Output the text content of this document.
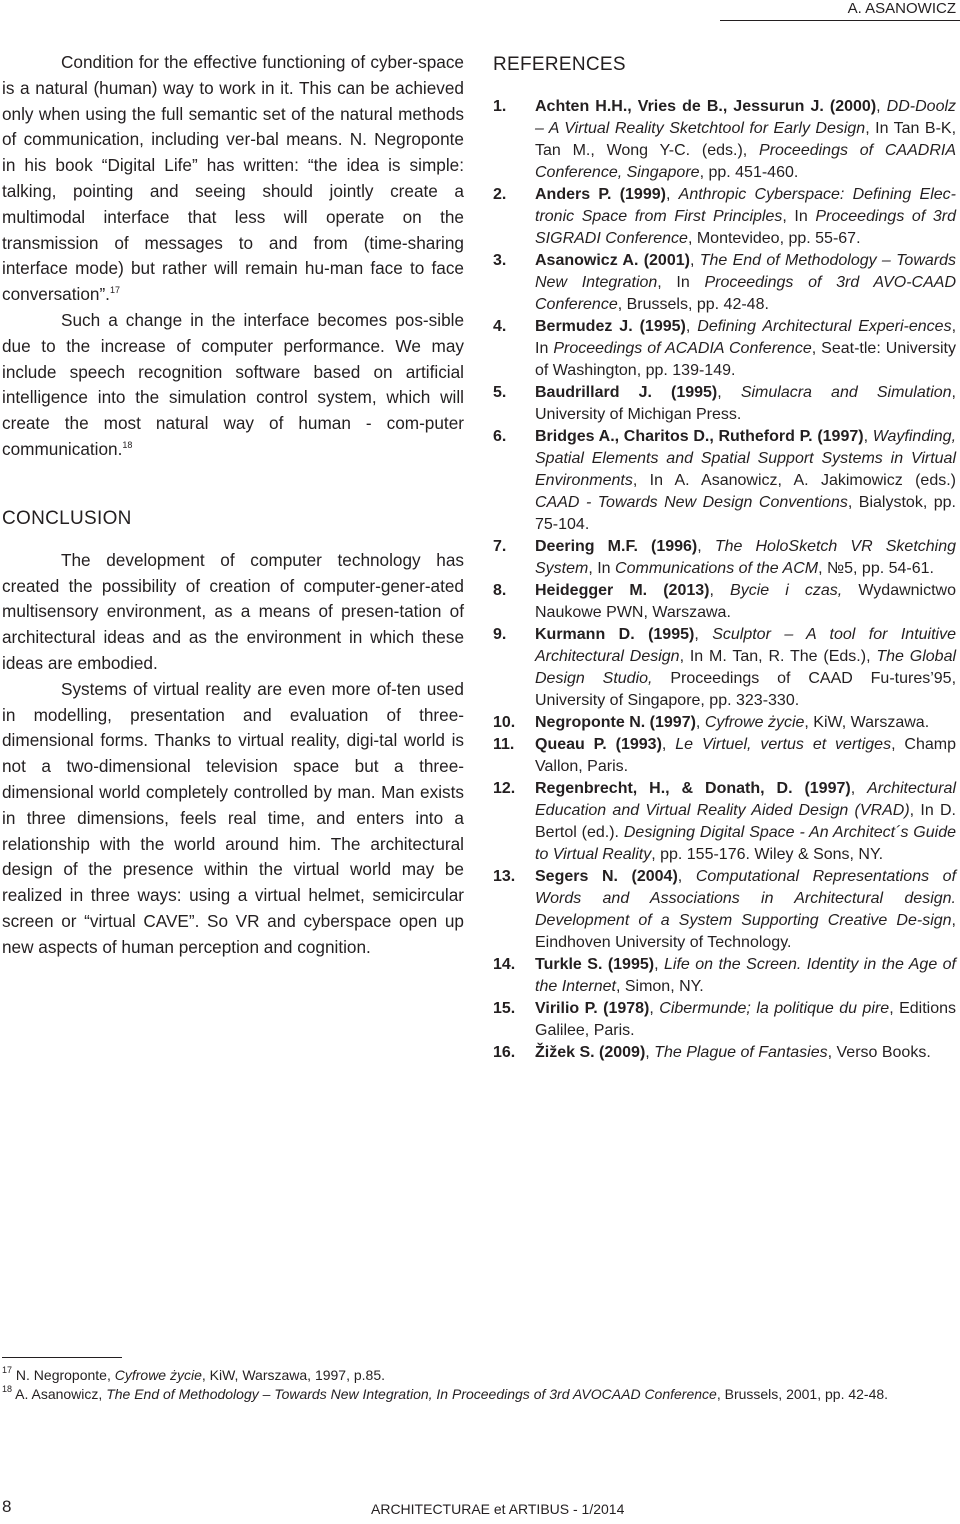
A. ASANOWICZ

Condition for the effective functioning of cyber-space is a natural (human) way to work in it. This can be achieved only when using the full semantic set of the natural methods of communication, including ver-bal means. N. Negroponte in his book “Digital Life” has written: “the idea is simple: talking, pointing and seeing should jointly create a multimodal interface that less will operate on the transmission of messages to and from (time-sharing interface mode) but rather will remain hu-man face to face conversation”.$^{17}$

Such a change in the interface becomes pos-sible due to the increase of computer performance. We may include speech recognition software based on artificial intelligence into the simulation control system, which will create the most natural way of human - com-puter communication.$^{18}$

CONCLUSION

The development of computer technology has created the possibility of creation of computer-gener-ated multisensory environment, as a means of presen-tation of architectural ideas and as the environment in which these ideas are embodied.

Systems of virtual reality are even more of-ten used in modelling, presentation and evaluation of three-dimensional forms. Thanks to virtual reality, digi-tal world is not a two-dimensional television space but a three-dimensional world completely controlled by man. Man exists in three dimensions, feels real time, and enters into a relationship with the world around him. The architectural design of the presence within the virtual world may be realized in three ways: using a virtual helmet, semicircular screen or “virtual CAVE”. So VR and cyberspace open up new aspects of human perception and cognition.

REFERENCES
1. Achten H.H., Vries de B., Jessurun J. (2000), DD-Doolz – A Virtual Reality Sketchtool for Early Design, In Tan B-K, Tan M., Wong Y-C. (eds.), Proceedings of CAADRIA Conference, Singapore, pp. 451-460.
2. Anders P. (1999), Anthropic Cyberspace: Defining Elec-tronic Space from First Principles, In Proceedings of 3rd SIGRADI Conference, Montevideo, pp. 55-67.
3. Asanowicz A. (2001), The End of Methodology – Towards New Integration, In Proceedings of 3rd AVO-CAAD Conference, Brussels, pp. 42-48.
4. Bermudez J. (1995), Defining Architectural Experi-ences, In Proceedings of ACADIA Conference, Seat-tle: University of Washington, pp. 139-149.
5. Baudrillard J. (1995), Simulacra and Simulation, University of Michigan Press.
6. Bridges A., Charitos D., Rutheford P. (1997), Wayfinding, Spatial Elements and Spatial Support Systems in Virtual Environments, In A. Asanowicz, A. Jakimowicz (eds.) CAAD - Towards New Design Conventions, Bialystok, pp. 75-104.
7. Deering M.F. (1996), The HoloSketch VR Sketching System, In Communications of the ACM, №5, pp. 54-61.
8. Heidegger M. (2013), Bycie i czas, Wydawnictwo Naukowe PWN, Warszawa.
9. Kurmann D. (1995), Sculptor – A tool for Intuitive Architectural Design, In M. Tan, R. The (Eds.), The Global Design Studio, Proceedings of CAAD Fu-tures’95, University of Singapore, pp. 323-330.
10. Negroponte N. (1997), Cyfrowe życie, KiW, Warszawa.
11. Queau P. (1993), Le Virtuel, vertus et vertiges, Champ Vallon, Paris.
12. Regenbrecht, H., & Donath, D. (1997), Architectural Education and Virtual Reality Aided Design (VRAD), In D. Bertol (ed.). Designing Digital Space - An Architect´s Guide to Virtual Reality, pp. 155-176. Wiley & Sons, NY.
13. Segers N. (2004), Computational Representations of Words and Associations in Architectural design. Development of a System Supporting Creative De-sign, Eindhoven University of Technology.
14. Turkle S. (1995), Life on the Screen. Identity in the Age of the Internet, Simon, NY.
15. Virilio P. (1978), Cibermunde; la politique du pire, Editions Galilee, Paris.
16. Žižek S. (2009), The Plague of Fantasies, Verso Books.

$^{17}$ N. Negroponte, Cyfrowe życie, KiW, Warszawa, 1997, p.85.

$^{18}$ A. Asanowicz, The End of Methodology – Towards New Integration, In Proceedings of 3rd AVOCAAD Conference, Brussels, 2001, pp. 42-48.

8	ARCHITECTURAE et ARTIBUS - 1/2014
